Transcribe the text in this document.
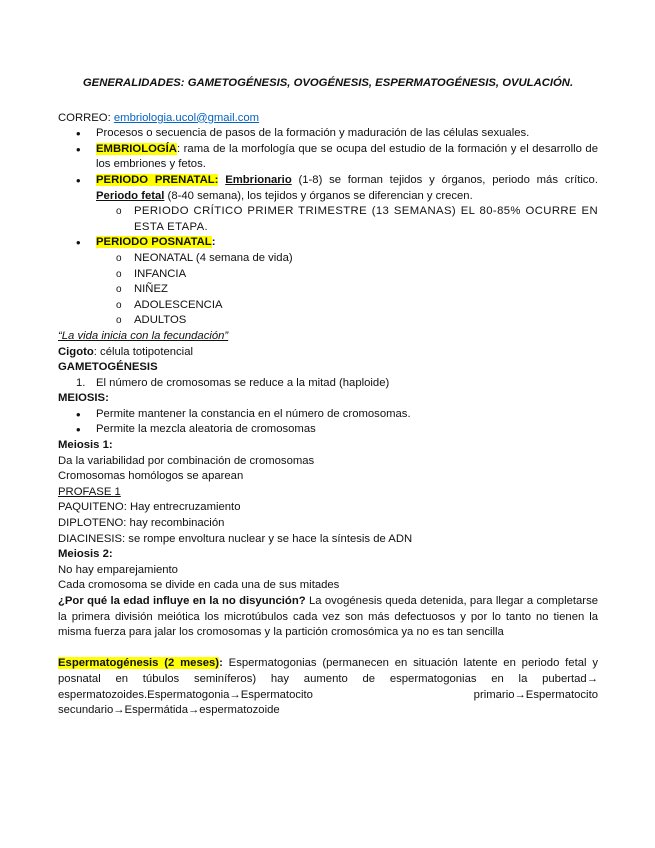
GENERALIDADES: GAMETOGÉNESIS, OVOGÉNESIS, ESPERMATOGÉNESIS, OVULACIÓN.

CORREO: embriologia.ucol@gmail.com

• Procesos o secuencia de pasos de la formación y maduración de las células sexuales.
• EMBRIOLOGÍA: rama de la morfología que se ocupa del estudio de la formación y el desarrollo de los embriones y fetos.
• PERIODO PRENATAL: Embrionario (1-8) se forman tejidos y órganos, periodo más crítico. Periodo fetal (8-40 semana), los tejidos y órganos se diferencian y crecen.
o PERIODO CRÍTICO PRIMER TRIMESTRE (13 SEMANAS) EL 80-85% OCURRE EN ESTA ETAPA.
• PERIODO POSNATAL:
o NEONATAL (4 semana de vida)
o INFANCIA
o NIÑEZ
o ADOLESCENCIA
o ADULTOS

“La vida inicia con la fecundación”

Cigoto: célula totipotencial

GAMETOGÉNESIS

1. El número de cromosomas se reduce a la mitad (haploide)

MEIOSIS:

• Permite mantener la constancia en el número de cromosomas.
• Permite la mezcla aleatoria de cromosomas

Meiosis 1:

Da la variabilidad por combinación de cromosomas

Cromosomas homólogos se aparean

PROFASE 1

PAQUITENO: Hay entrecruzamiento

DIPLOTENO: hay recombinación

DIACINESIS: se rompe envoltura nuclear y se hace la síntesis de ADN

Meiosis 2:

No hay emparejamiento

Cada cromosoma se divide en cada una de sus mitades

¿Por qué la edad influye en la no disyunción? La ovogénesis queda detenida, para llegar a completarse la primera división meiótica los microtúbulos cada vez son más defectuosos y por lo tanto no tienen la misma fuerza para jalar los cromosomas y la partición cromosómica ya no es tan sencilla

Espermatogénesis (2 meses): Espermatogonias (permanecen en situación latente en periodo fetal y posnatal en túbulos seminíferos) hay aumento de espermatogonias en la pubertad→ espermatozoides.Espermatogonia→Espermatocito primario→Espermatocito secundario→Espermátida→espermatozoide
